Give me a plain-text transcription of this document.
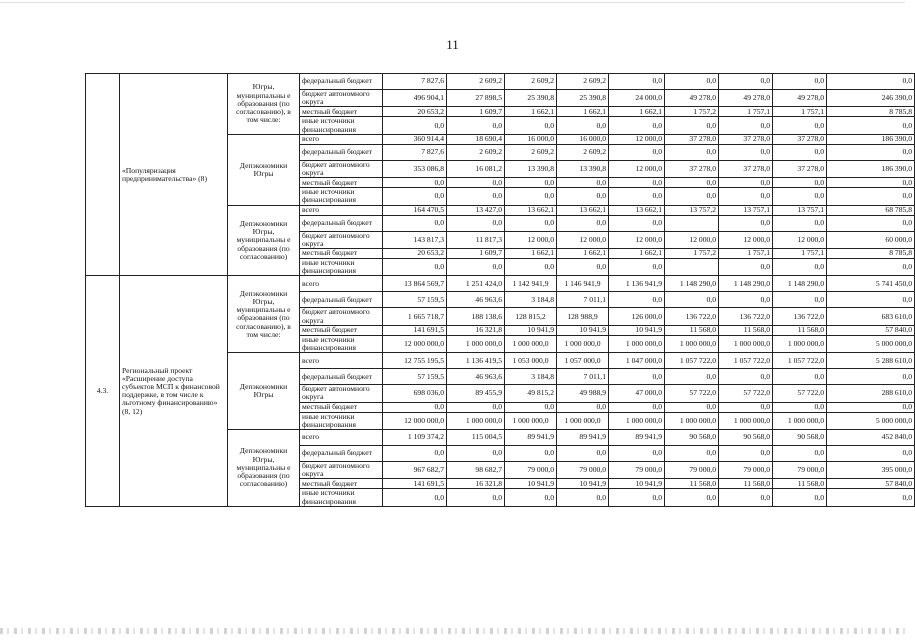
11
	«Популяризация предпринимательства» (8)	Югры, муниципальны е образования (по согласованию), в том числе:	федеральный бюджет	7 827,6	2 609,2	2 609,2	2 609,2	0,0	0,0	0,0	0,0	0,0
			бюджет автономного округа	496 904,1	27 898,5	25 390,8	25 390,8	24 000,0	49 278,0	49 278,0	49 278,0	246 390,0
			местный бюджет	20 653,2	1 609,7	1 662,1	1 662,1	1 662,1	1 757,2	1 757,1	1 757,1	8 785,8
			иные источники финансирования	0,0	0,0	0,0	0,0	0,0	0,0	0,0	0,0	0,0
		Депэкономики Югры	всего	360 914,4	18 690,4	16 000,0	16 000,0	12 000,0	37 278,0	37 278,0	37 278,0	186 390,0
			федеральный бюджет	7 827,6	2 609,2	2 609,2	2 609,2	0,0	0,0	0,0	0,0	0,0
			бюджет автономного округа	353 086,8	16 081,2	13 390,8	13 390,8	12 000,0	37 278,0	37 278,0	37 278,0	186 390,0
			местный бюджет	0,0	0,0	0,0	0,0	0,0	0,0	0,0	0,0	0,0
			иные источники финансирования	0,0	0,0	0,0	0,0	0,0	0,0	0,0	0,0	0,0
		Депэкономики Югры, муниципальны е образования (по согласованию)	всего	164 470,5	13 427,0	13 662,1	13 662,1	13 662,1	13 757,2	13 757,1	13 757,1	68 785,8
			федеральный бюджет	0,0	0,0	0,0	0,0	0,0		0,0	0,0	0,0
			бюджет автономного округа	143 817,3	11 817,3	12 000,0	12 000,0	12 000,0	12 000,0	12 000,0	12 000,0	60 000,0
			местный бюджет	20 653,2	1 609,7	1 662,1	1 662,1	1 662,1	1 757,2	1 757,1	1 757,1	8 785,8
			иные источники финансирования	0,0	0,0	0,0	0,0	0,0		0,0	0,0	0,0
4.3.	Региональный проект «Расширение доступа субъектов МСП к финансовой поддержке, в том числе к льготному финансированию» (8, 12)	Депэкономики Югры, муниципальны е образования (по согласованию), в том числе:	всего	13 864 569,7	1 251 424,0	1 142 941,9	1 146 941,9	1 136 941,9	1 148 290,0	1 148 290,0	1 148 290,0	5 741 450,0
			федеральный бюджет	57 159,5	46 963,6	3 184,8	7 011,1	0,0	0,0	0,0	0,0	0,0
			бюджет автономного округа	1 665 718,7	188 138,6	128 815,2	128 988,9	126 000,0	136 722,0	136 722,0	136 722,0	683 610,0
			местный бюджет	141 691,5	16 321,8	10 941,9	10 941,9	10 941,9	11 568,0	11 568,0	11 568,0	57 840,0
			иные источники финансирования	12 000 000,0	1 000 000,0	1 000 000,0	1 000 000,0	1 000 000,0	1 000 000,0	1 000 000,0	1 000 000,0	5 000 000,0
		Депэкономики Югры	всего	12 755 195,5	1 136 419,5	1 053 000,0	1 057 000,0	1 047 000,0	1 057 722,0	1 057 722,0	1 057 722,0	5 288 610,0
			федеральный бюджет	57 159,5	46 963,6	3 184,8	7 011,1	0,0	0,0	0,0	0,0	0,0
			бюджет автономного округа	698 036,0	89 455,9	49 815,2	49 988,9	47 000,0	57 722,0	57 722,0	57 722,0	288 610,0
			местный бюджет	0,0	0,0	0,0	0,0	0,0	0,0	0,0	0,0	0,0
			иные источники финансирования	12 000 000,0	1 000 000,0	1 000 000,0	1 000 000,0	1 000 000,0	1 000 000,0	1 000 000,0	1 000 000,0	5 000 000,0
		Депэкономики Югры, муниципальны е образования (по согласованию)	всего	1 109 374,2	115 004,5	89 941,9	89 941,9	89 941,9	90 568,0	90 568,0	90 568,0	452 840,0
			федеральный бюджет	0,0	0,0	0,0	0,0	0,0	0,0	0,0	0,0	0,0
			бюджет автономного округа	967 682,7	98 682,7	79 000,0	79 000,0	79 000,0	79 000,0	79 000,0	79 000,0	395 000,0
			местный бюджет	141 691,5	16 321,8	10 941,9	10 941,9	10 941,9	11 568,0	11 568,0	11 568,0	57 840,0
			иные источники финансирования	0,0	0,0	0,0	0,0	0,0	0,0	0,0	0,0	0,0
